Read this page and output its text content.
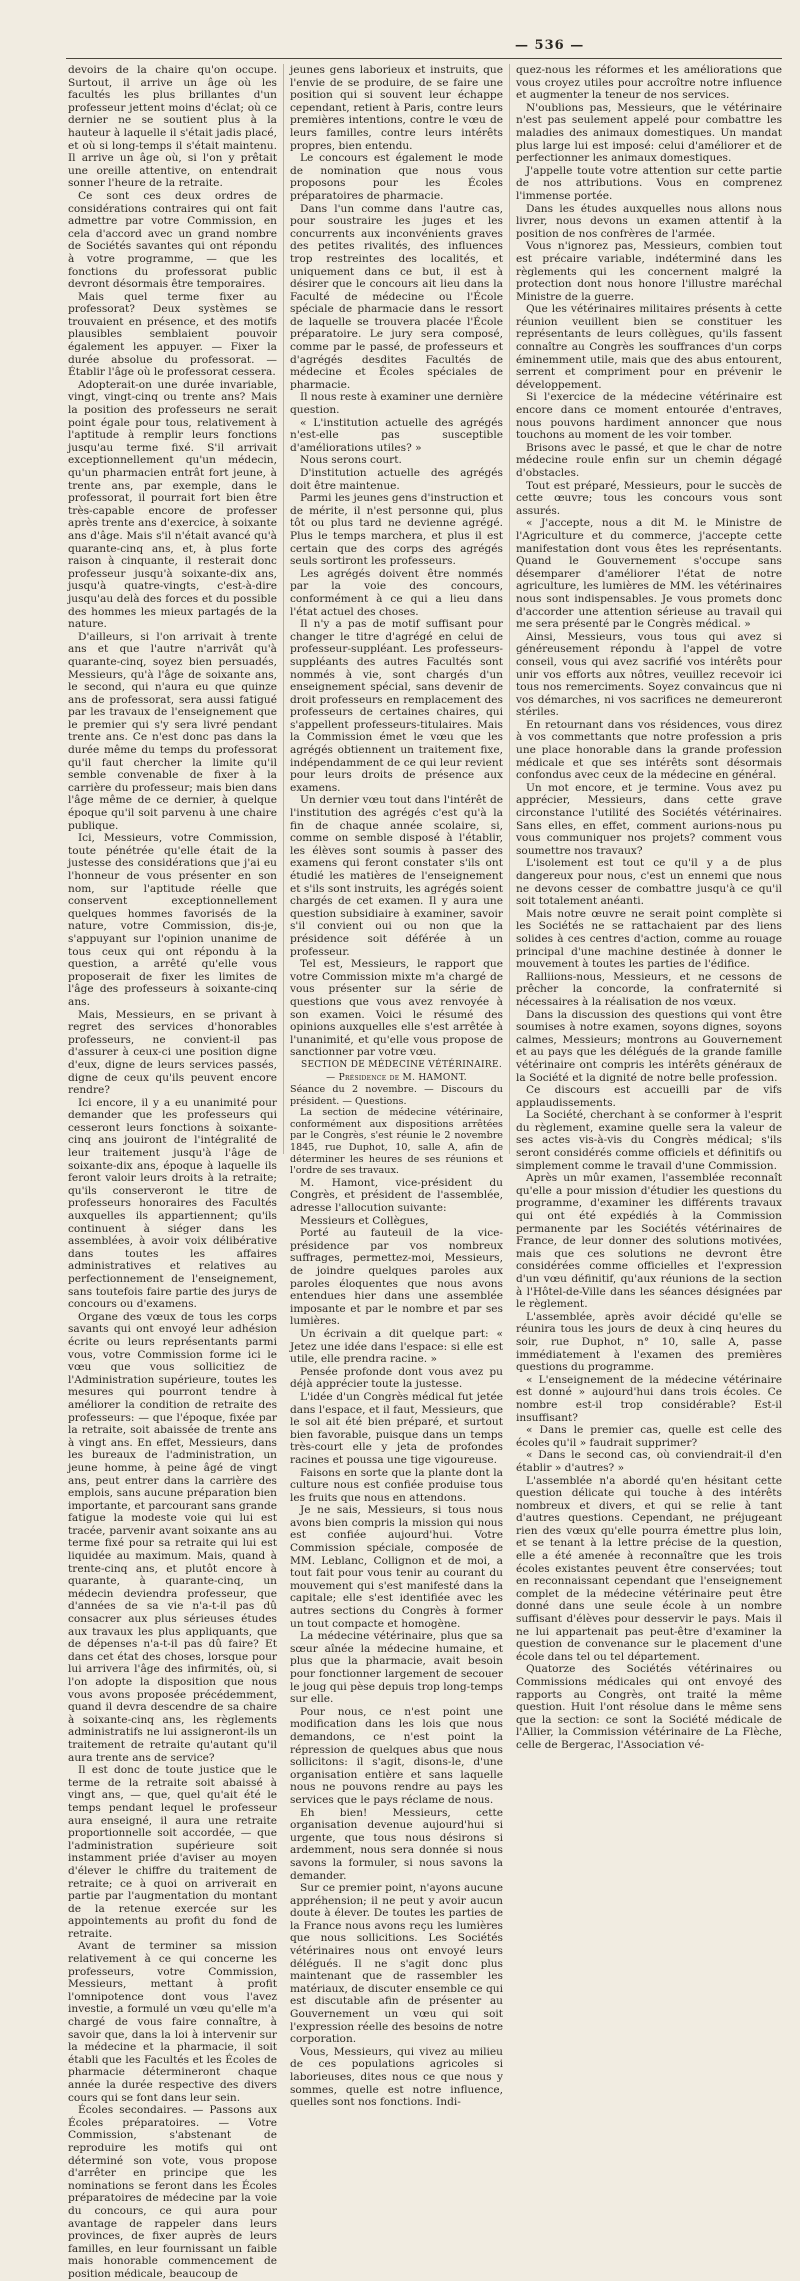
— 536 —

devoirs de la chaire qu'on occupe. Surtout, il arrive un âge où les facultés les plus brillantes d'un professeur jettent moins d'éclat; où ce dernier ne se soutient plus à la hauteur à laquelle il s'était jadis placé, et où si long-temps il s'était maintenu. Il arrive un âge où, si l'on y prêtait une oreille attentive, on entendrait sonner l'heure de la retraite.

Ce sont ces deux ordres de considérations contraires qui ont fait admettre par votre Commission, en cela d'accord avec un grand nombre de Sociétés savantes qui ont répondu à votre programme, — que les fonctions du professorat public devront désormais être temporaires.

Mais quel terme fixer au professorat? Deux systèmes se trouvaient en présence, et des motifs plausibles semblaient pouvoir également les appuyer. — Fixer la durée absolue du professorat. — Établir l'âge où le professorat cessera.

Adopterait-on une durée invariable, vingt, vingt-cinq ou trente ans? Mais la position des professeurs ne serait point égale pour tous, relativement à l'aptitude à remplir leurs fonctions jusqu'au terme fixé. S'il arrivait exceptionnellement qu'un médecin, qu'un pharmacien entrât fort jeune, à trente ans, par exemple, dans le professorat, il pourrait fort bien être très-capable encore de professer après trente ans d'exercice, à soixante ans d'âge. Mais s'il n'était avancé qu'à quarante-cinq ans, et, à plus forte raison à cinquante, il resterait donc professeur jusqu'à soixante-dix ans, jusqu'à quatre-vingts, c'est-à-dire jusqu'au delà des forces et du possible des hommes les mieux partagés de la nature.

D'ailleurs, si l'on arrivait à trente ans et que l'autre n'arrivât qu'à quarante-cinq, soyez bien persuadés, Messieurs, qu'à l'âge de soixante ans, le second, qui n'aura eu que quinze ans de professorat, sera aussi fatigué par les travaux de l'enseignement que le premier qui s'y sera livré pendant trente ans. Ce n'est donc pas dans la durée même du temps du professorat qu'il faut chercher la limite qu'il semble convenable de fixer à la carrière du professeur; mais bien dans l'âge même de ce dernier, à quelque époque qu'il soit parvenu à une chaire publique.

Ici, Messieurs, votre Commission, toute pénétrée qu'elle était de la justesse des considérations que j'ai eu l'honneur de vous présenter en son nom, sur l'aptitude réelle que conservent exceptionnellement quelques hommes favorisés de la nature, votre Commission, dis-je, s'appuyant sur l'opinion unanime de tous ceux qui ont répondu à la question, a arrêté qu'elle vous proposerait de fixer les limites de l'âge des professeurs à soixante-cinq ans.

Mais, Messieurs, en se privant à regret des services d'honorables professeurs, ne convient-il pas d'assurer à ceux-ci une position digne d'eux, digne de leurs services passés, digne de ceux qu'ils peuvent encore rendre?

Ici encore, il y a eu unanimité pour demander que les professeurs qui cesseront leurs fonctions à soixante-cinq ans jouiront de l'intégralité de leur traitement jusqu'à l'âge de soixante-dix ans, époque à laquelle ils feront valoir leurs droits à la retraite; qu'ils conserveront le titre de professeurs honoraires des Facultés auxquelles ils appartiennent; qu'ils continuent à siéger dans les assemblées, à avoir voix délibérative dans toutes les affaires administratives et relatives au perfectionnement de l'enseignement, sans toutefois faire partie des jurys de concours ou d'examens.

Organe des vœux de tous les corps savants qui ont envoyé leur adhésion écrite ou leurs représentants parmi vous, votre Commission forme ici le vœu que vous sollicitiez de l'Administration supérieure, toutes les mesures qui pourront tendre à améliorer la condition de retraite des professeurs: — que l'époque, fixée par la retraite, soit abaissée de trente ans à vingt ans. En effet, Messieurs, dans les bureaux de l'administration, un jeune homme, à peine âgé de vingt ans, peut entrer dans la carrière des emplois, sans aucune préparation bien importante, et parcourant sans grande fatigue la modeste voie qui lui est tracée, parvenir avant soixante ans au terme fixé pour sa retraite qui lui est liquidée au maximum. Mais, quand à trente-cinq ans, et plutôt encore à quarante, à quarante-cinq, un médecin deviendra professeur, que d'années de sa vie n'a-t-il pas dû consacrer aux plus sérieuses études aux travaux les plus appliquants, que de dépenses n'a-t-il pas dû faire? Et dans cet état des choses, lorsque pour lui arrivera l'âge des infirmités, où, si l'on adopte la disposition que nous vous avons proposée précédemment, quand il devra descendre de sa chaire à soixante-cinq ans, les règlements administratifs ne lui assigneront-ils un traitement de retraite qu'autant qu'il aura trente ans de service?

Il est donc de toute justice que le terme de la retraite soit abaissé à vingt ans, — que, quel qu'ait été le temps pendant lequel le professeur aura enseigné, il aura une retraite proportionnelle soit accordée, — que l'administration supérieure soit instamment priée d'aviser au moyen d'élever le chiffre du traitement de retraite; ce à quoi on arriverait en partie par l'augmentation du montant de la retenue exercée sur les appointements au profit du fond de retraite.

Avant de terminer sa mission relativement à ce qui concerne les professeurs, votre Commission, Messieurs, mettant à profit l'omnipotence dont vous l'avez investie, a formulé un vœu qu'elle m'a chargé de vous faire connaître, à savoir que, dans la loi à intervenir sur la médecine et la pharmacie, il soit établi que les Facultés et les Écoles de pharmacie détermineront chaque année la durée respective des divers cours qui se font dans leur sein.

Écoles secondaires. — Passons aux Écoles préparatoires. — Votre Commission, s'abstenant de reproduire les motifs qui ont déterminé son vote, vous propose d'arrêter en principe que les nominations se feront dans les Écoles préparatoires de médecine par la voie du concours, ce qui aura pour avantage de rappeler dans leurs provinces, de fixer auprès de leurs familles, en leur fournissant un faible mais honorable commencement de position médicale, beaucoup de

jeunes gens laborieux et instruits, que l'envie de se produire, de se faire une position qui si souvent leur échappe cependant, retient à Paris, contre leurs premières intentions, contre le vœu de leurs familles, contre leurs intérêts propres, bien entendu.

Le concours est également le mode de nomination que nous vous proposons pour les Écoles préparatoires de pharmacie.

Dans l'un comme dans l'autre cas, pour soustraire les juges et les concurrents aux inconvénients graves des petites rivalités, des influences trop restreintes des localités, et uniquement dans ce but, il est à désirer que le concours ait lieu dans la Faculté de médecine ou l'École spéciale de pharmacie dans le ressort de laquelle se trouvera placée l'École préparatoire. Le jury sera composé, comme par le passé, de professeurs et d'agrégés desdites Facultés de médecine et Écoles spéciales de pharmacie.

Il nous reste à examiner une dernière question.

« L'institution actuelle des agrégés n'est-elle pas susceptible d'améliorations utiles? »

Nous serons court.

D'institution actuelle des agrégés doit être maintenue.

Parmi les jeunes gens d'instruction et de mérite, il n'est personne qui, plus tôt ou plus tard ne devienne agrégé. Plus le temps marchera, et plus il est certain que des corps des agrégés seuls sortiront les professeurs.

Les agrégés doivent être nommés par la voie des concours, conformément à ce qui a lieu dans l'état actuel des choses.

Il n'y a pas de motif suffisant pour changer le titre d'agrégé en celui de professeur-suppléant. Les professeurs-suppléants des autres Facultés sont nommés à vie, sont chargés d'un enseignement spécial, sans devenir de droit professeurs en remplacement des professeurs de certaines chaires, qui s'appellent professeurs-titulaires. Mais la Commission émet le vœu que les agrégés obtiennent un traitement fixe, indépendamment de ce qui leur revient pour leurs droits de présence aux examens.

Un dernier vœu tout dans l'intérêt de l'institution des agrégés c'est qu'à la fin de chaque année scolaire, si, comme on semble disposé à l'établir, les élèves sont soumis à passer des examens qui feront constater s'ils ont étudié les matières de l'enseignement et s'ils sont instruits, les agrégés soient chargés de cet examen. Il y aura une question subsidiaire à examiner, savoir s'il convient oui ou non que la présidence soit déférée à un professeur.

Tel est, Messieurs, le rapport que votre Commission mixte m'a chargé de vous présenter sur la série de questions que vous avez renvoyée à son examen. Voici le résumé des opinions auxquelles elle s'est arrêtée à l'unanimité, et qu'elle vous propose de sanctionner par votre vœu.

SECTION DE MÉDECINE VÉTÉRINAIRE. — Présidence de M. HAMONT.

Séance du 2 novembre. — Discours du président. — Questions.

La section de médecine vétérinaire, conformément aux dispositions arrêtées par le Congrès, s'est réunie le 2 novembre 1845, rue Duphot, 10, salle A, afin de déterminer les heures de ses réunions et l'ordre de ses travaux.

M. Hamont, vice-président du Congrès, et président de l'assemblée, adresse l'allocution suivante:

Messieurs et Collègues,

Porté au fauteuil de la vice-présidence par vos nombreux suffrages, permettez-moi, Messieurs, de joindre quelques paroles aux paroles éloquentes que nous avons entendues hier dans une assemblée imposante et par le nombre et par ses lumières.

Un écrivain a dit quelque part: « Jetez une idée dans l'espace: si elle est utile, elle prendra racine. »

Pensée profonde dont vous avez pu déjà apprécier toute la justesse.

L'idée d'un Congrès médical fut jetée dans l'espace, et il faut, Messieurs, que le sol ait été bien préparé, et surtout bien favorable, puisque dans un temps très-court elle y jeta de profondes racines et poussa une tige vigoureuse.

Faisons en sorte que la plante dont la culture nous est confiée produise tous les fruits que nous en attendons.

Je ne sais, Messieurs, si tous nous avons bien compris la mission qui nous est confiée aujourd'hui. Votre Commission spéciale, composée de MM. Leblanc, Collignon et de moi, a tout fait pour vous tenir au courant du mouvement qui s'est manifesté dans la capitale; elle s'est identifiée avec les autres sections du Congrès à former un tout compacte et homogène.

La médecine vétérinaire, plus que sa sœur aînée la médecine humaine, et plus que la pharmacie, avait besoin pour fonctionner largement de secouer le joug qui pèse depuis trop long-temps sur elle.

Pour nous, ce n'est point une modification dans les lois que nous demandons, ce n'est point la répression de quelques abus que nous sollicitons: il s'agit, disons-le, d'une organisation entière et sans laquelle nous ne pouvons rendre au pays les services que le pays réclame de nous.

Eh bien! Messieurs, cette organisation devenue aujourd'hui si urgente, que tous nous désirons si ardemment, nous sera donnée si nous savons la formuler, si nous savons la demander.

Sur ce premier point, n'ayons aucune appréhension; il ne peut y avoir aucun doute à élever. De toutes les parties de la France nous avons reçu les lumières que nous sollicitions. Les Sociétés vétérinaires nous ont envoyé leurs délégués. Il ne s'agit donc plus maintenant que de rassembler les matériaux, de discuter ensemble ce qui est discutable afin de présenter au Gouvernement un vœu qui soit l'expression réelle des besoins de notre corporation.

Vous, Messieurs, qui vivez au milieu de ces populations agricoles si laborieuses, dites nous ce que nous y sommes, quelle est notre influence, quelles sont nos fonctions. Indi-

quez-nous les réformes et les améliorations que vous croyez utiles pour accroître notre influence et augmenter la teneur de nos services.

N'oublions pas, Messieurs, que le vétérinaire n'est pas seulement appelé pour combattre les maladies des animaux domestiques. Un mandat plus large lui est imposé: celui d'améliorer et de perfectionner les animaux domestiques.

J'appelle toute votre attention sur cette partie de nos attributions. Vous en comprenez l'immense portée.

Dans les études auxquelles nous allons nous livrer, nous devons un examen attentif à la position de nos confrères de l'armée.

Vous n'ignorez pas, Messieurs, combien tout est précaire variable, indéterminé dans les règlements qui les concernent malgré la protection dont nous honore l'illustre maréchal Ministre de la guerre.

Que les vétérinaires militaires présents à cette réunion veuillent bien se constituer les représentants de leurs collègues, qu'ils fassent connaître au Congrès les souffrances d'un corps éminemment utile, mais que des abus entourent, serrent et compriment pour en prévenir le développement.

Si l'exercice de la médecine vétérinaire est encore dans ce moment entourée d'entraves, nous pouvons hardiment annoncer que nous touchons au moment de les voir tomber.

Brisons avec le passé, et que le char de notre médecine roule enfin sur un chemin dégagé d'obstacles.

Tout est préparé, Messieurs, pour le succès de cette œuvre; tous les concours vous sont assurés.

« J'accepte, nous a dit M. le Ministre de l'Agriculture et du commerce, j'accepte cette manifestation dont vous êtes les représentants. Quand le Gouvernement s'occupe sans désemparer d'améliorer l'état de notre agriculture, les lumières de MM. les vétérinaires nous sont indispensables. Je vous promets donc d'accorder une attention sérieuse au travail qui me sera présenté par le Congrès médical. »

Ainsi, Messieurs, vous tous qui avez si généreusement répondu à l'appel de votre conseil, vous qui avez sacrifié vos intérêts pour unir vos efforts aux nôtres, veuillez recevoir ici tous nos remerciments. Soyez convaincus que ni vos démarches, ni vos sacrifices ne demeureront stériles.

En retournant dans vos résidences, vous direz à vos commettants que notre profession a pris une place honorable dans la grande profession médicale et que ses intérêts sont désormais confondus avec ceux de la médecine en général.

Un mot encore, et je termine. Vous avez pu apprécier, Messieurs, dans cette grave circonstance l'utilité des Sociétés vétérinaires. Sans elles, en effet, comment aurions-nous pu vous communiquer nos projets? comment vous soumettre nos travaux?

L'isolement est tout ce qu'il y a de plus dangereux pour nous, c'est un ennemi que nous ne devons cesser de combattre jusqu'à ce qu'il soit totalement anéanti.

Mais notre œuvre ne serait point complète si les Sociétés ne se rattachaient par des liens solides à ces centres d'action, comme au rouage principal d'une machine destinée à donner le mouvement à toutes les parties de l'édifice.

Ralliions-nous, Messieurs, et ne cessons de prêcher la concorde, la confraternité si nécessaires à la réalisation de nos vœux.

Dans la discussion des questions qui vont être soumises à notre examen, soyons dignes, soyons calmes, Messieurs; montrons au Gouvernement et au pays que les délégués de la grande famille vétérinaire ont compris les intérêts généraux de la Société et la dignité de notre belle profession.

Ce discours est accueilli par de vifs applaudissements.

La Société, cherchant à se conformer à l'esprit du règlement, examine quelle sera la valeur de ses actes vis-à-vis du Congrès médical; s'ils seront considérés comme officiels et définitifs ou simplement comme le travail d'une Commission.

Après un mûr examen, l'assemblée reconnaît qu'elle a pour mission d'étudier les questions du programme, d'examiner les différents travaux qui ont été expédiés à la Commission permanente par les Sociétés vétérinaires de France, de leur donner des solutions motivées, mais que ces solutions ne devront être considérées comme officielles et l'expression d'un vœu définitif, qu'aux réunions de la section à l'Hôtel-de-Ville dans les séances désignées par le règlement.

L'assemblée, après avoir décidé qu'elle se réunira tous les jours de deux à cinq heures du soir, rue Duphot, n° 10, salle A, passe immédiatement à l'examen des premières questions du programme.

« L'enseignement de la médecine vétérinaire est donné » aujourd'hui dans trois écoles. Ce nombre est-il trop considérable? Est-il insuffisant?

« Dans le premier cas, quelle est celle des écoles qu'il » faudrait supprimer?

« Dans le second cas, où conviendrait-il d'en établir » d'autres? »

L'assemblée n'a abordé qu'en hésitant cette question délicate qui touche à des intérêts nombreux et divers, et qui se relie à tant d'autres questions. Cependant, ne préjugeant rien des vœux qu'elle pourra émettre plus loin, et se tenant à la lettre précise de la question, elle a été amenée à reconnaître que les trois écoles existantes peuvent être conservées; tout en reconnaissant cependant que l'enseignement complet de la médecine vétérinaire peut être donné dans une seule école à un nombre suffisant d'élèves pour desservir le pays. Mais il ne lui appartenait pas peut-être d'examiner la question de convenance sur le placement d'une école dans tel ou tel département.

Quatorze des Sociétés vétérinaires ou Commissions médicales qui ont envoyé des rapports au Congrès, ont traité la même question. Huit l'ont résolue dans le même sens que la section: ce sont la Société médicale de l'Allier, la Commission vétérinaire de La Flèche, celle de Bergerac, l'Association vé-
